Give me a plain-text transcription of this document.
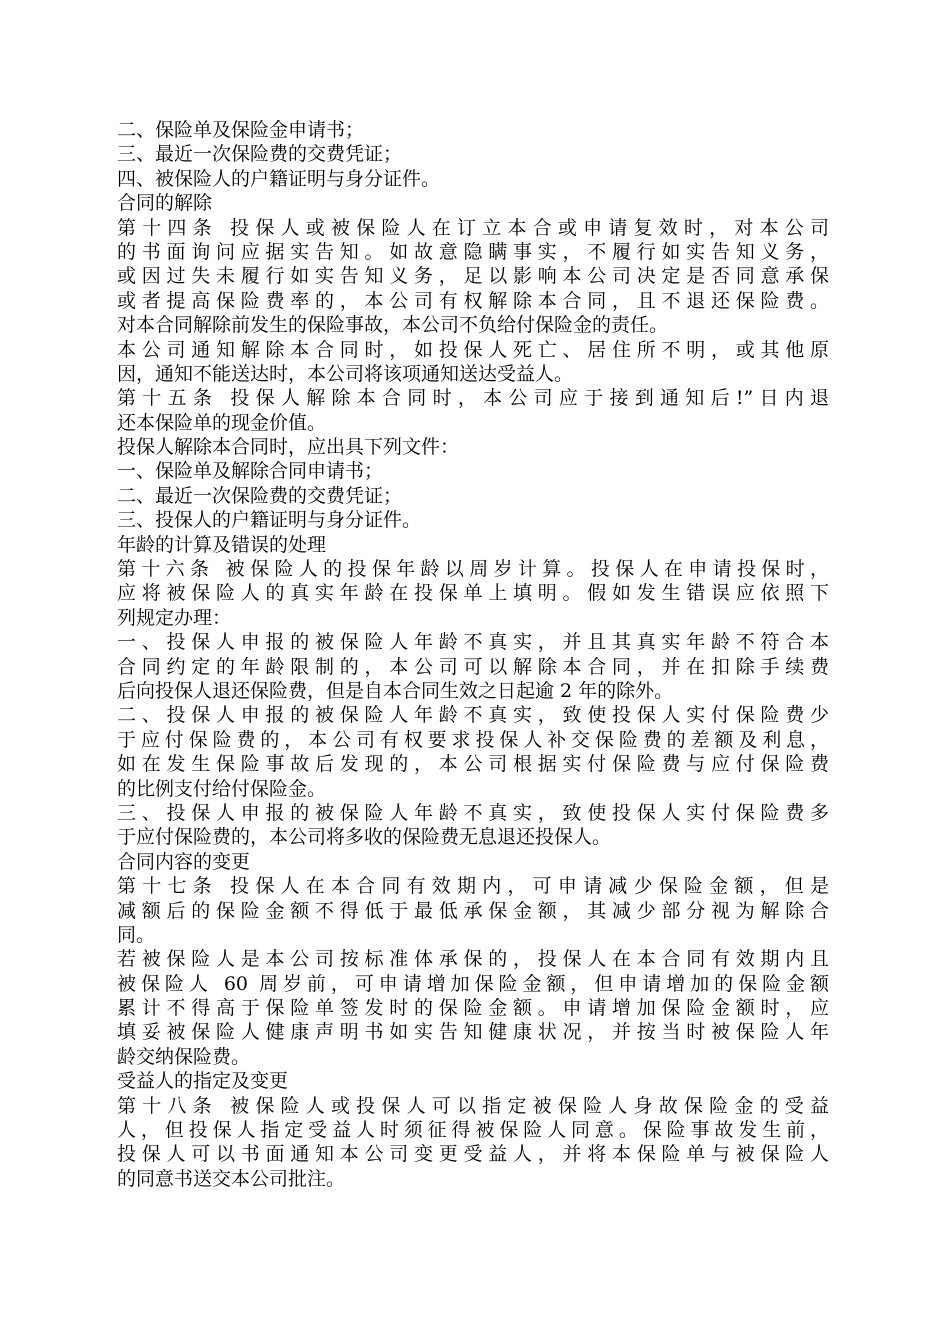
二、保险单及保险金申请书；
三、最近一次保险费的交费凭证；
四、被保险人的户籍证明与身分证件。
合同的解除
第十四条 投保人或被保险人在订立本合或申请复效时，对本公司
的书面询问应据实告知。如故意隐瞒事实，不履行如实告知义务，
或因过失未履行如实告知义务，足以影响本公司决定是否同意承保
或者提高保险费率的，本公司有权解除本合同，且不退还保险费。
对本合同解除前发生的保险事故，本公司不负给付保险金的责任。
本公司通知解除本合同时，如投保人死亡、居住所不明，或其他原
因，通知不能送达时，本公司将该项通知送达受益人。
第十五条 投保人解除本合同时，本公司应于接到通知后!”日内退
还本保险单的现金价值。
投保人解除本合同时，应出具下列文件：
一、保险单及解除合同申请书；
二、最近一次保险费的交费凭证；
三、投保人的户籍证明与身分证件。
年龄的计算及错误的处理
第十六条 被保险人的投保年龄以周岁计算。投保人在申请投保时，
应将被保险人的真实年龄在投保单上填明。假如发生错误应依照下
列规定办理：
一、投保人申报的被保险人年龄不真实，并且其真实年龄不符合本
合同约定的年龄限制的，本公司可以解除本合同，并在扣除手续费
后向投保人退还保险费，但是自本合同生效之日起逾 2 年的除外。
二、投保人申报的被保险人年龄不真实，致使投保人实付保险费少
于应付保险费的，本公司有权要求投保人补交保险费的差额及利息，
如在发生保险事故后发现的，本公司根据实付保险费与应付保险费
的比例支付给付保险金。
三、投保人申报的被保险人年龄不真实，致使投保人实付保险费多
于应付保险费的，本公司将多收的保险费无息退还投保人。
合同内容的变更
第十七条 投保人在本合同有效期内，可申请减少保险金额，但是
减额后的保险金额不得低于最低承保金额，其减少部分视为解除合
同。
若被保险人是本公司按标准体承保的，投保人在本合同有效期内且
被保险人 60 周岁前，可申请增加保险金额，但申请增加的保险金额
累计不得高于保险单签发时的保险金额。申请增加保险金额时，应
填妥被保险人健康声明书如实告知健康状况，并按当时被保险人年
龄交纳保险费。
受益人的指定及变更
第十八条 被保险人或投保人可以指定被保险人身故保险金的受益
人，但投保人指定受益人时须征得被保险人同意。保险事故发生前，
投保人可以书面通知本公司变更受益人，并将本保险单与被保险人
的同意书送交本公司批注。
